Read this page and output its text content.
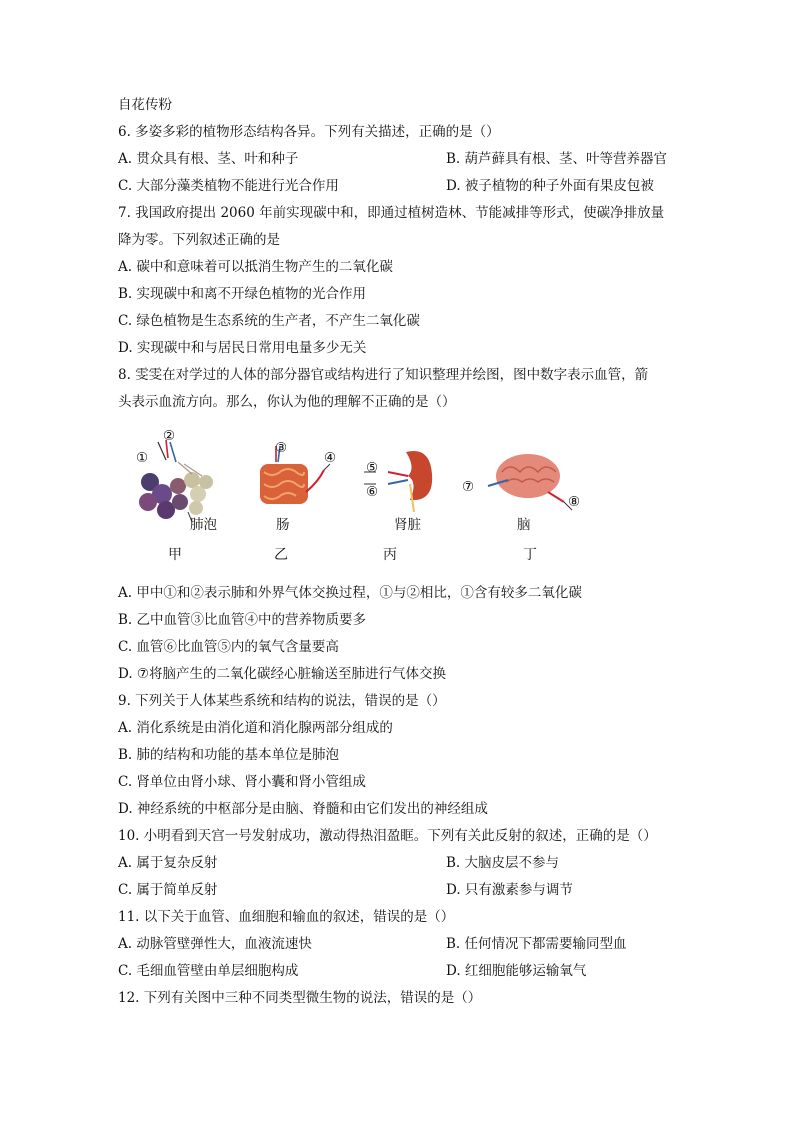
自花传粉
6. 多姿多彩的植物形态结构各异。下列有关描述，正确的是（）
A. 贯众具有根、茎、叶和种子	B. 葫芦藓具有根、茎、叶等营养器官
C. 大部分藻类植物不能进行光合作用	D. 被子植物的种子外面有果皮包被
7. 我国政府提出 2060 年前实现碳中和，即通过植树造林、节能减排等形式，使碳净排放量
降为零。下列叙述正确的是
A. 碳中和意味着可以抵消生物产生的二氧化碳
B. 实现碳中和离不开绿色植物的光合作用
C. 绿色植物是生态系统的生产者，不产生二氧化碳
D. 实现碳中和与居民日常用电量多少无关
8. 雯雯在对学过的人体的部分器官或结构进行了知识整理并绘图，图中数字表示血管，箭
头表示血流方向。那么，你认为他的理解不正确的是（）
①
②
③
④
⑤
⑥	⑦
⑧
肺泡	肠	肾脏	脑
甲	乙	丙	丁
A. 甲中①和②表示肺和外界气体交换过程，①与②相比，①含有较多二氧化碳
B. 乙中血管③比血管④中的营养物质要多
C. 血管⑥比血管⑤内的氧气含量要高
D. ⑦将脑产生的二氧化碳经心脏输送至肺进行气体交换
9. 下列关于人体某些系统和结构的说法，错误的是（）
A. 消化系统是由消化道和消化腺两部分组成的
B. 肺的结构和功能的基本单位是肺泡
C. 肾单位由肾小球、肾小囊和肾小管组成
D. 神经系统的中枢部分是由脑、脊髓和由它们发出的神经组成
10. 小明看到天宫一号发射成功，激动得热泪盈眶。下列有关此反射的叙述，正确的是（）
A. 属于复杂反射	B. 大脑皮层不参与
C. 属于简单反射	D. 只有激素参与调节
11. 以下关于血管、血细胞和输血的叙述，错误的是（）
A. 动脉管壁弹性大，血液流速快	B. 任何情况下都需要输同型血
C. 毛细血管壁由单层细胞构成	D. 红细胞能够运输氧气
12. 下列有关图中三种不同类型微生物的说法，错误的是（）
